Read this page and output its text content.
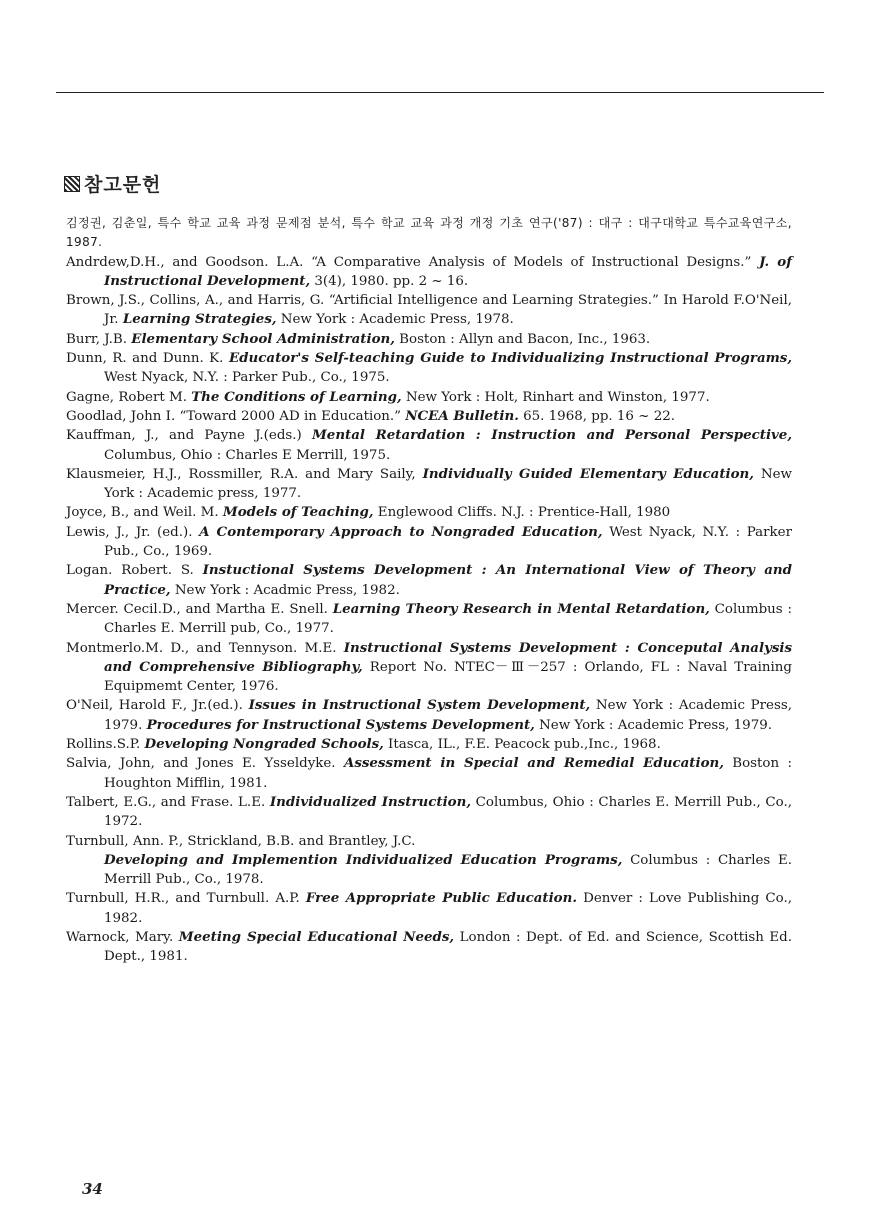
참고문헌
김정권, 김춘일, 특수 학교 교육 과정 문제점 분석, 특수 학교 교육 과정 개정 기초 연구('87) : 대구 : 대구대학교 특수교육연구소, 1987.
Andrdew,D.H., and Goodson. L.A. “A Comparative Analysis of Models of Instructional Designs.” J. of Instructional Development, 3(4), 1980. pp. 2 ~ 16.
Brown, J.S., Collins, A., and Harris, G. “Artificial Intelligence and Learning Strategies.” In Harold F.O'Neil, Jr. Learning Strategies, New York : Academic Press, 1978.
Burr, J.B. Elementary School Administration, Boston : Allyn and Bacon, Inc., 1963.
Dunn, R. and Dunn. K. Educator's Self-teaching Guide to Individualizing Instructional Programs, West Nyack, N.Y. : Parker Pub., Co., 1975.
Gagne, Robert M. The Conditions of Learning, New York : Holt, Rinhart and Winston, 1977.
Goodlad, John I. “Toward 2000 AD in Education.” NCEA Bulletin. 65. 1968, pp. 16 ~ 22.
Kauffman, J., and Payne J.(eds.) Mental Retardation : Instruction and Personal Perspective, Columbus, Ohio : Charles E Merrill, 1975.
Klausmeier, H.J., Rossmiller, R.A. and Mary Saily, Individually Guided Elementary Education, New York : Academic press, 1977.
Joyce, B., and Weil. M. Models of Teaching, Englewood Cliffs. N.J. : Prentice-Hall, 1980
Lewis, J., Jr. (ed.). A Contemporary Approach to Nongraded Education, West Nyack, N.Y. : Parker Pub., Co., 1969.
Logan. Robert. S. Instuctional Systems Development : An International View of Theory and Practice, New York : Acadmic Press, 1982.
Mercer. Cecil.D., and Martha E. Snell. Learning Theory Research in Mental Retardation, Columbus : Charles E. Merrill pub, Co., 1977.
Montmerlo.M. D., and Tennyson. M.E. Instructional Systems Development : Conceputal Analysis and Comprehensive Bibliography, Report No. NTEC－Ⅲ－257 : Orlando, FL : Naval Training Equipmemt Center, 1976.
O'Neil, Harold F., Jr.(ed.). Issues in Instructional System Development, New York : Academic Press, 1979. Procedures for Instructional Systems Development, New York : Academic Press, 1979.
Rollins.S.P. Developing Nongraded Schools, Itasca, IL., F.E. Peacock pub.,Inc., 1968.
Salvia, John, and Jones E. Ysseldyke. Assessment in Special and Remedial Education, Boston : Houghton Mifflin, 1981.
Talbert, E.G., and Frase. L.E. Individualized Instruction, Columbus, Ohio : Charles E. Merrill Pub., Co., 1972.
Turnbull, Ann. P., Strickland, B.B. and Brantley, J.C.
Developing and Implemention Individualized Education Programs, Columbus : Charles E. Merrill Pub., Co., 1978.
Turnbull, H.R., and Turnbull. A.P. Free Appropriate Public Education. Denver : Love Publishing Co., 1982.
Warnock, Mary. Meeting Special Educational Needs, London : Dept. of Ed. and Science, Scottish Ed. Dept., 1981.
34
